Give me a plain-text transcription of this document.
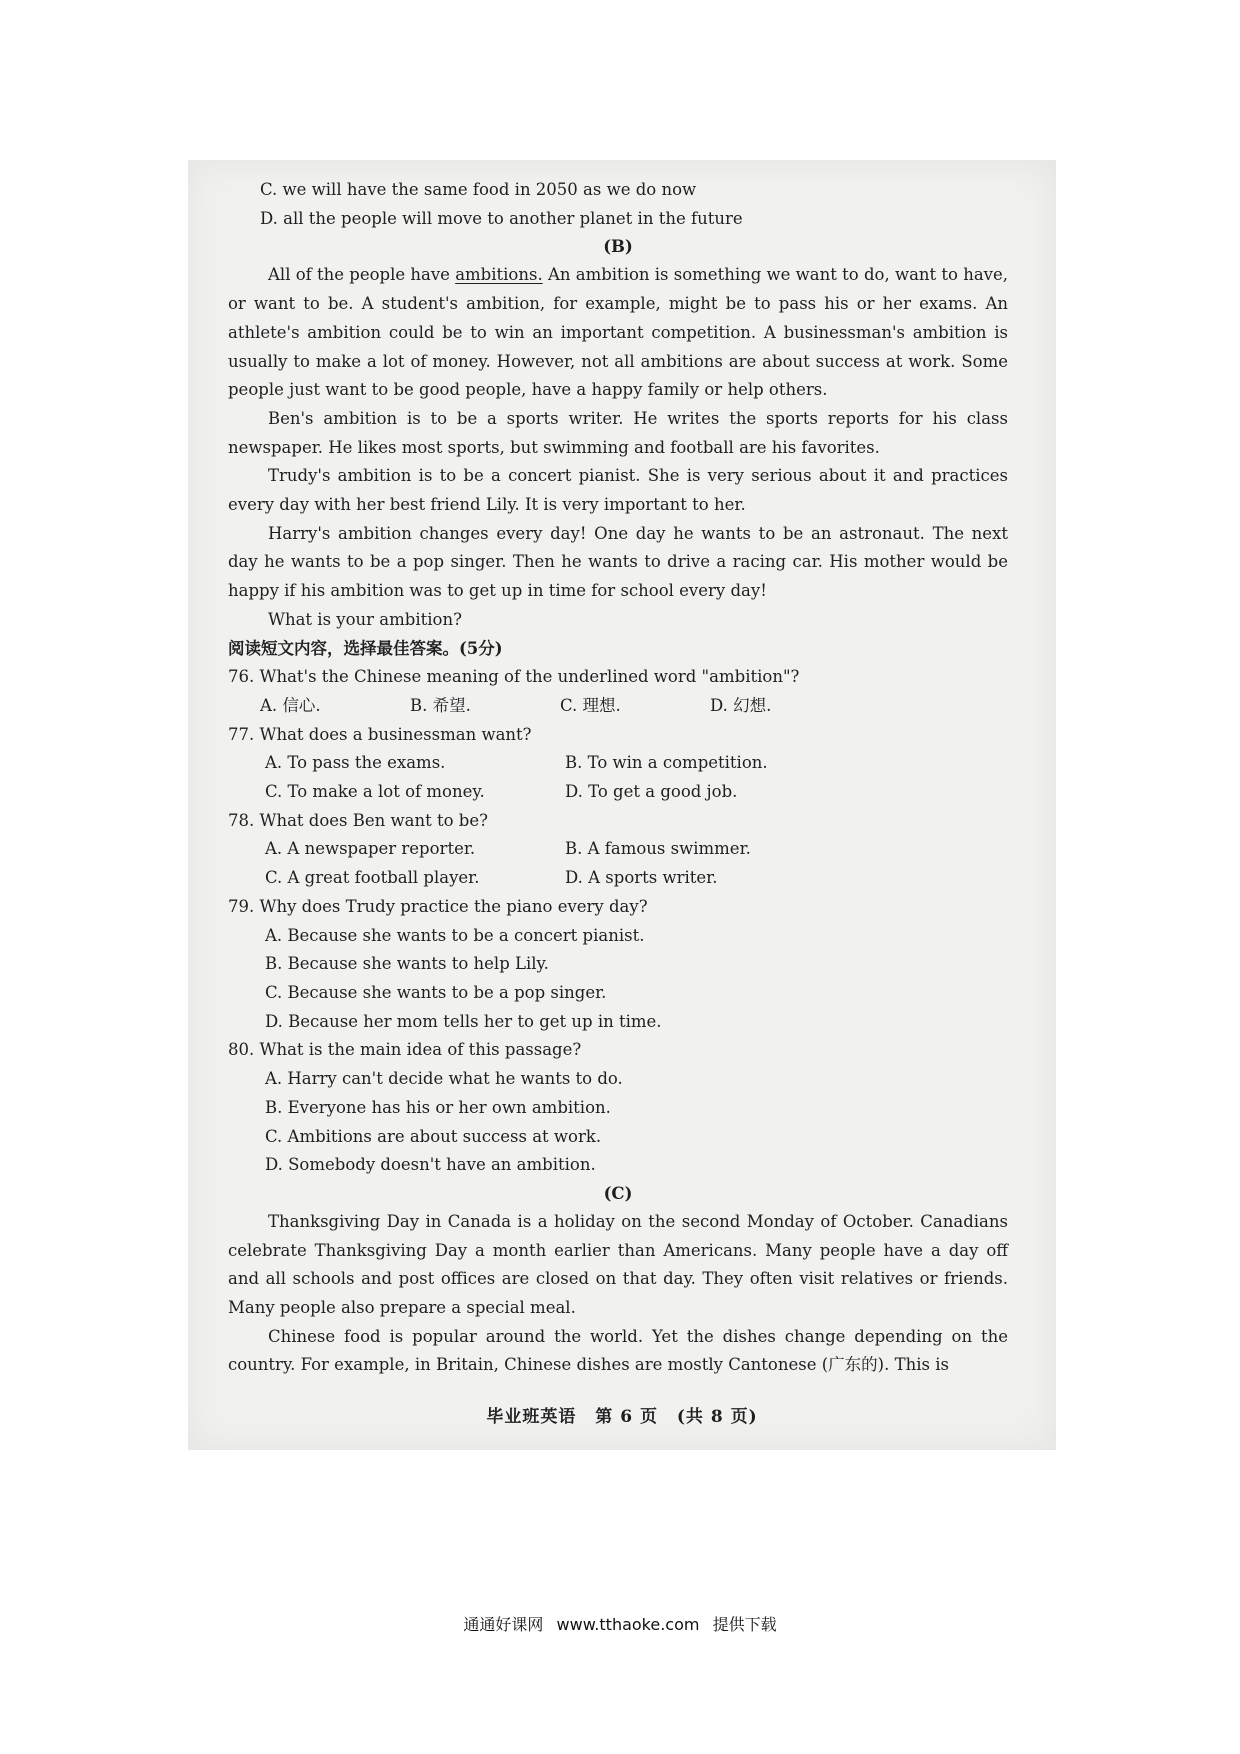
C. we will have the same food in 2050 as we do now
D. all the people will move to another planet in the future
(B)

All of the people have ambitions. An ambition is something we want to do, want to have, or want to be. A student's ambition, for example, might be to pass his or her exams. An athlete's ambition could be to win an important competition. A businessman's ambition is usually to make a lot of money. However, not all ambitions are about success at work. Some people just want to be good people, have a happy family or help others.

Ben's ambition is to be a sports writer. He writes the sports reports for his class newspaper. He likes most sports, but swimming and football are his favorites.

Trudy's ambition is to be a concert pianist. She is very serious about it and practices every day with her best friend Lily. It is very important to her.

Harry's ambition changes every day! One day he wants to be an astronaut. The next day he wants to be a pop singer. Then he wants to drive a racing car. His mother would be happy if his ambition was to get up in time for school every day!

What is your ambition?

阅读短文内容，选择最佳答案。(5分)
76. What's the Chinese meaning of the underlined word "ambition"?
A. 信心.	B. 希望.	C. 理想.	D. 幻想.
77. What does a businessman want?
A. To pass the exams.	B. To win a competition.
C. To make a lot of money.	D. To get a good job.
78. What does Ben want to be?
A. A newspaper reporter.	B. A famous swimmer.
C. A great football player.	D. A sports writer.
79. Why does Trudy practice the piano every day?
A. Because she wants to be a concert pianist.
B. Because she wants to help Lily.
C. Because she wants to be a pop singer.
D. Because her mom tells her to get up in time.
80. What is the main idea of this passage?
A. Harry can't decide what he wants to do.
B. Everyone has his or her own ambition.
C. Ambitions are about success at work.
D. Somebody doesn't have an ambition.
(C)

Thanksgiving Day in Canada is a holiday on the second Monday of October. Canadians celebrate Thanksgiving Day a month earlier than Americans. Many people have a day off and all schools and post offices are closed on that day. They often visit relatives or friends. Many people also prepare a special meal.

Chinese food is popular around the world. Yet the dishes change depending on the country. For example, in Britain, Chinese dishes are mostly Cantonese (广东的). This is

毕业班英语 第 6 页 (共 8 页)
通通好课网 www.tthaoke.com 提供下载
